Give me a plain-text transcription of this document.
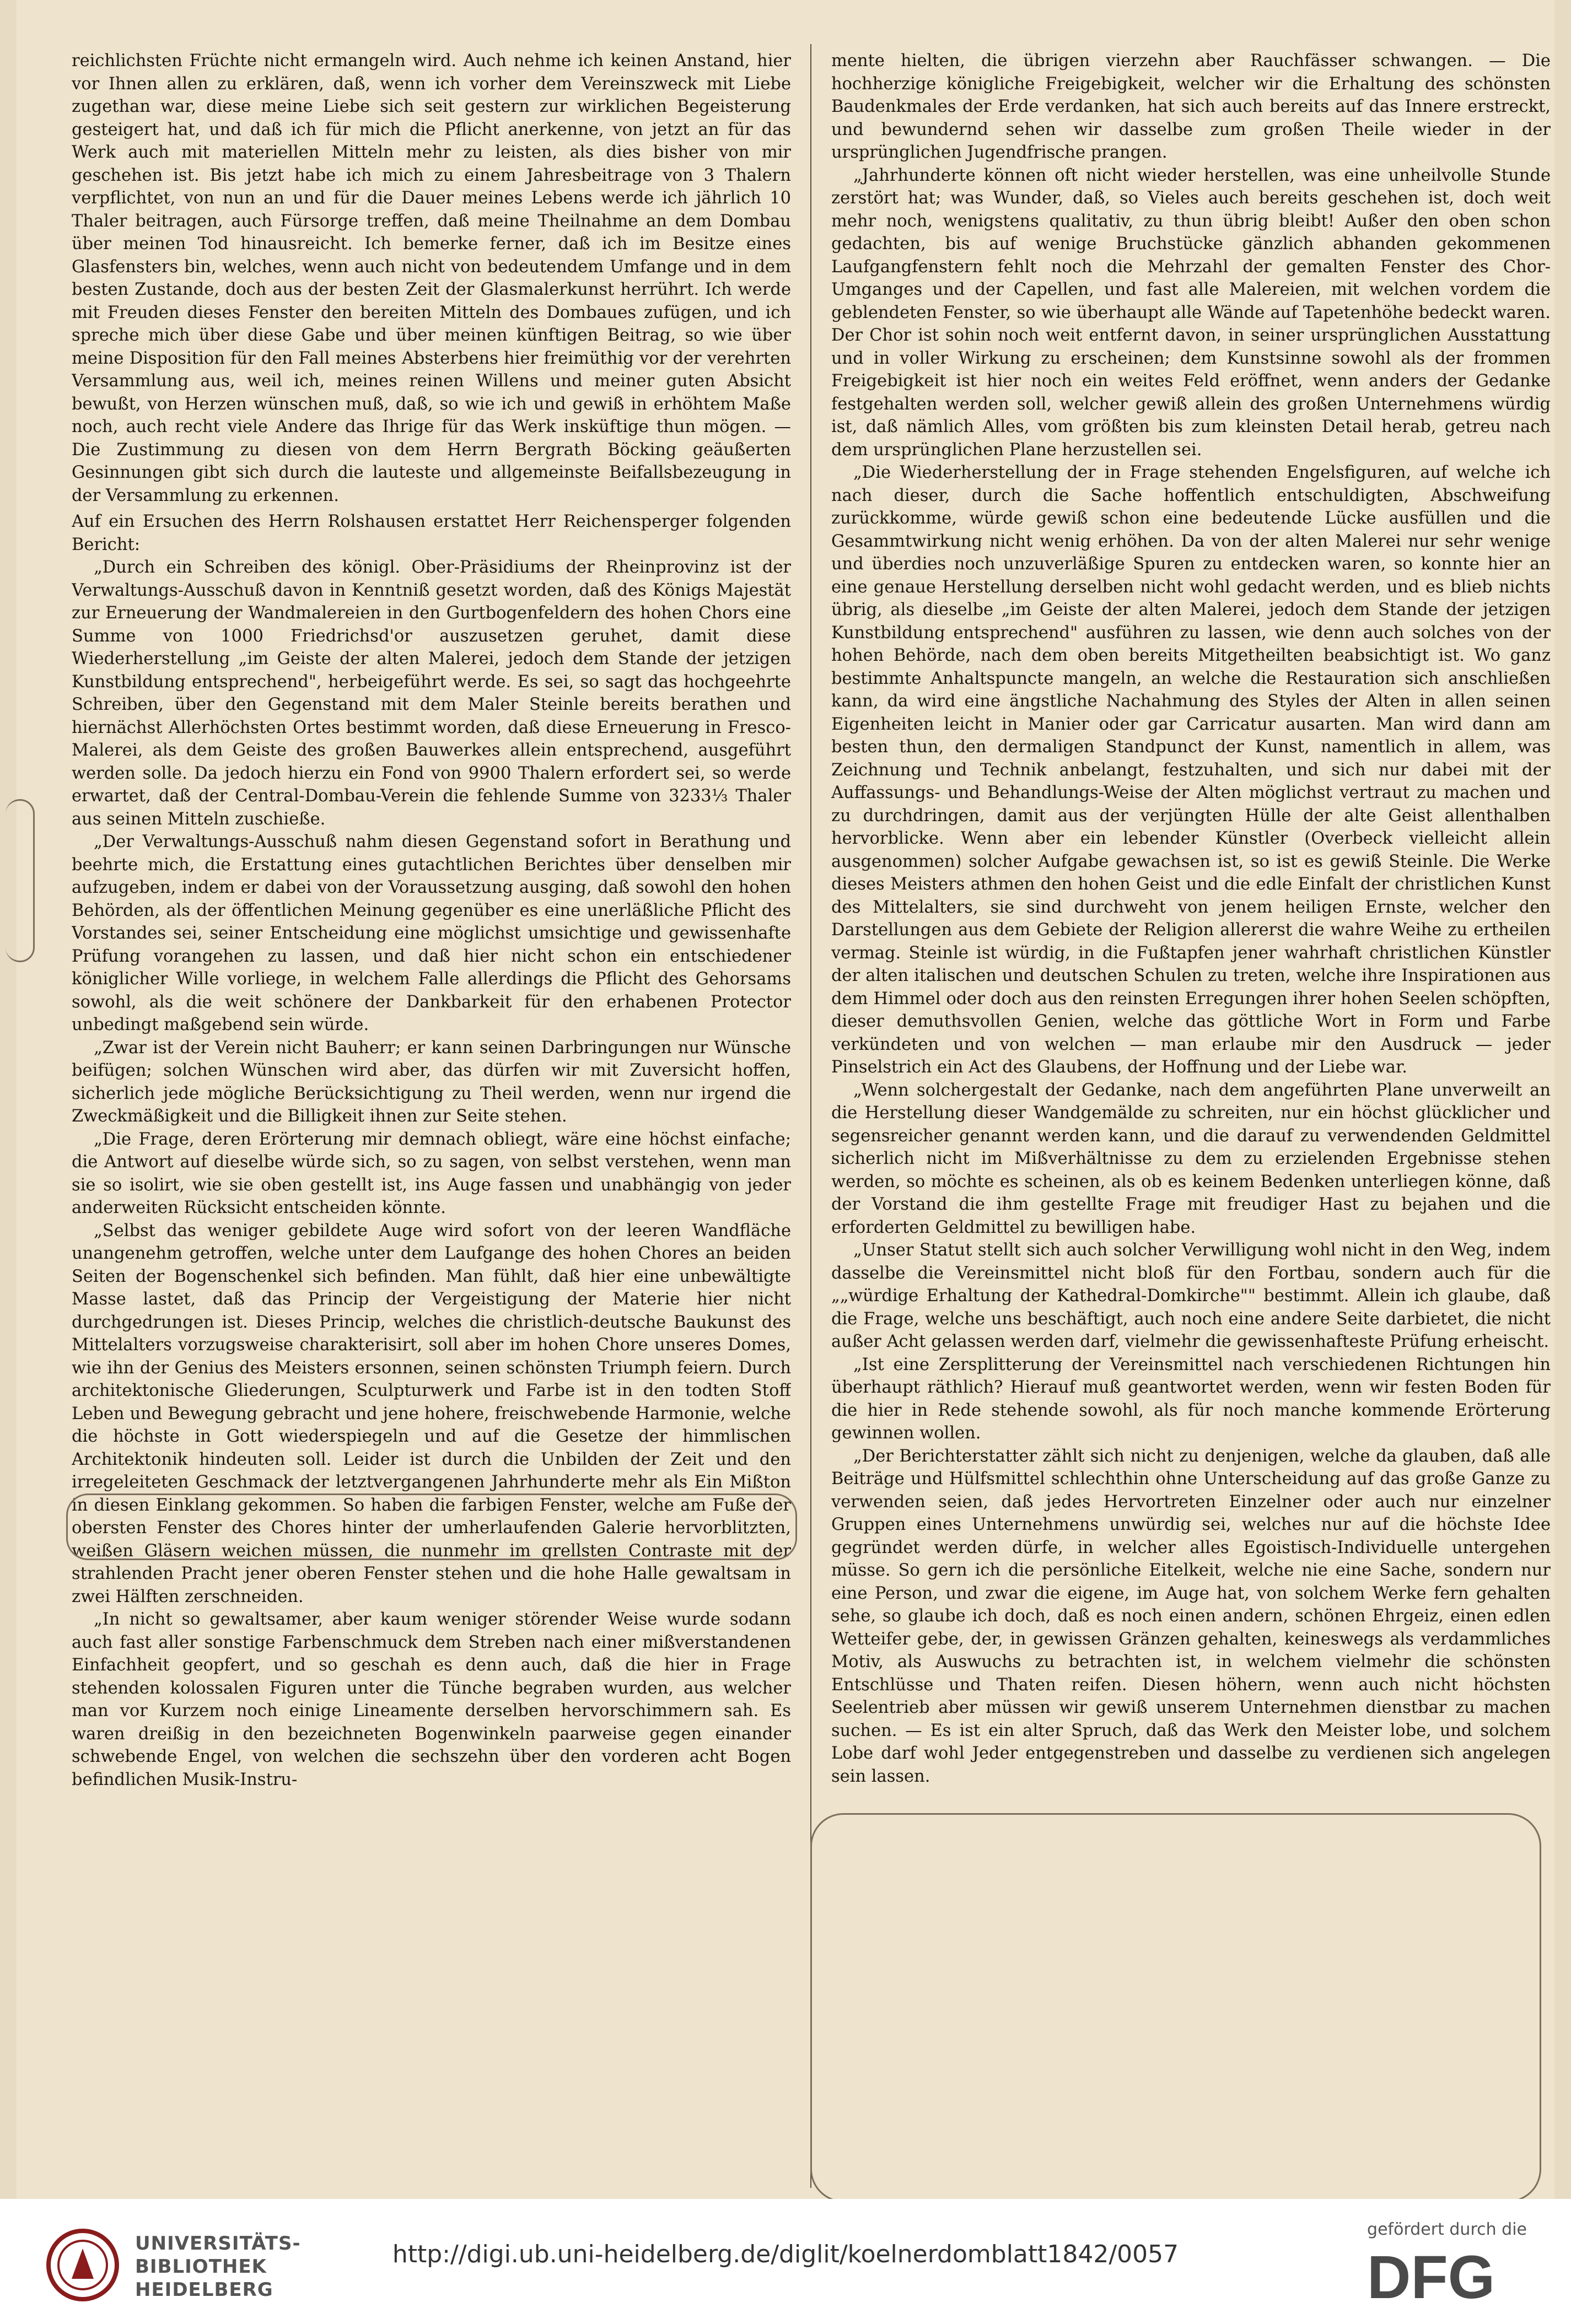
reichlichsten Früchte nicht ermangeln wird. Auch nehme ich keinen Anstand, hier vor Ihnen allen zu erklären, daß, wenn ich vorher dem Vereinszweck mit Liebe zugethan war, diese meine Liebe sich seit gestern zur wirklichen Begeisterung gesteigert hat, und daß ich für mich die Pflicht anerkenne, von jetzt an für das Werk auch mit materiellen Mitteln mehr zu leisten, als dies bisher von mir geschehen ist. Bis jetzt habe ich mich zu einem Jahresbeitrage von 3 Thalern verpflichtet, von nun an und für die Dauer meines Lebens werde ich jährlich 10 Thaler beitragen, auch Fürsorge treffen, daß meine Theilnahme an dem Dombau über meinen Tod hinausreicht. Ich bemerke ferner, daß ich im Besitze eines Glasfensters bin, welches, wenn auch nicht von bedeutendem Umfange und in dem besten Zustande, doch aus der besten Zeit der Glasmalerkunst herrührt. Ich werde mit Freuden dieses Fenster den bereiten Mitteln des Dombaues zufügen, und ich spreche mich über diese Gabe und über meinen künftigen Beitrag, so wie über meine Disposition für den Fall meines Absterbens hier freimüthig vor der verehrten Versammlung aus, weil ich, meines reinen Willens und meiner guten Absicht bewußt, von Herzen wünschen muß, daß, so wie ich und gewiß in erhöhtem Maße noch, auch recht viele Andere das Ihrige für das Werk insküftige thun mögen. — Die Zustimmung zu diesen von dem Herrn Bergrath Böcking geäußerten Gesinnungen gibt sich durch die lauteste und allgemeinste Beifallsbezeugung in der Versammlung zu erkennen.

Auf ein Ersuchen des Herrn Rolshausen erstattet Herr Reichensperger folgenden Bericht:

„Durch ein Schreiben des königl. Ober-Präsidiums der Rheinprovinz ist der Verwaltungs-Ausschuß davon in Kenntniß gesetzt worden, daß des Königs Majestät zur Erneuerung der Wandmalereien in den Gurtbogenfeldern des hohen Chors eine Summe von 1000 Friedrichsd'or auszusetzen geruhet, damit diese Wiederherstellung „im Geiste der alten Malerei, jedoch dem Stande der jetzigen Kunstbildung entsprechend", herbeigeführt werde. Es sei, so sagt das hochgeehrte Schreiben, über den Gegenstand mit dem Maler Steinle bereits berathen und hiernächst Allerhöchsten Ortes bestimmt worden, daß diese Erneuerung in Fresco-Malerei, als dem Geiste des großen Bauwerkes allein entsprechend, ausgeführt werden solle. Da jedoch hierzu ein Fond von 9900 Thalern erfordert sei, so werde erwartet, daß der Central-Dombau-Verein die fehlende Summe von 3233⅓ Thaler aus seinen Mitteln zuschieße.

„Der Verwaltungs-Ausschuß nahm diesen Gegenstand sofort in Berathung und beehrte mich, die Erstattung eines gutachtlichen Berichtes über denselben mir aufzugeben, indem er dabei von der Voraussetzung ausging, daß sowohl den hohen Behörden, als der öffentlichen Meinung gegenüber es eine unerläßliche Pflicht des Vorstandes sei, seiner Entscheidung eine möglichst umsichtige und gewissenhafte Prüfung vorangehen zu lassen, und daß hier nicht schon ein entschiedener königlicher Wille vorliege, in welchem Falle allerdings die Pflicht des Gehorsams sowohl, als die weit schönere der Dankbarkeit für den erhabenen Protector unbedingt maßgebend sein würde.

„Zwar ist der Verein nicht Bauherr; er kann seinen Darbringungen nur Wünsche beifügen; solchen Wünschen wird aber, das dürfen wir mit Zuversicht hoffen, sicherlich jede mögliche Berücksichtigung zu Theil werden, wenn nur irgend die Zweckmäßigkeit und die Billigkeit ihnen zur Seite stehen.

„Die Frage, deren Erörterung mir demnach obliegt, wäre eine höchst einfache; die Antwort auf dieselbe würde sich, so zu sagen, von selbst verstehen, wenn man sie so isolirt, wie sie oben gestellt ist, ins Auge fassen und unabhängig von jeder anderweiten Rücksicht entscheiden könnte.

„Selbst das weniger gebildete Auge wird sofort von der leeren Wandfläche unangenehm getroffen, welche unter dem Laufgange des hohen Chores an beiden Seiten der Bogenschenkel sich befinden. Man fühlt, daß hier eine unbewältigte Masse lastet, daß das Princip der Vergeistigung der Materie hier nicht durchgedrungen ist. Dieses Princip, welches die christlich-deutsche Baukunst des Mittelalters vorzugsweise charakterisirt, soll aber im hohen Chore unseres Domes, wie ihn der Genius des Meisters ersonnen, seinen schönsten Triumph feiern. Durch architektonische Gliederungen, Sculpturwerk und Farbe ist in den todten Stoff Leben und Bewegung gebracht und jene hohere, freischwebende Harmonie, welche die höchste in Gott wiederspiegeln und auf die Gesetze der himmlischen Architektonik hindeuten soll. Leider ist durch die Unbilden der Zeit und den irregeleiteten Geschmack der letztvergangenen Jahrhunderte mehr als Ein Mißton in diesen Einklang gekommen. So haben die farbigen Fenster, welche am Fuße der obersten Fenster des Chores hinter der umherlaufenden Galerie hervorblitzten, weißen Gläsern weichen müssen, die nunmehr im grellsten Contraste mit der strahlenden Pracht jener oberen Fenster stehen und die hohe Halle gewaltsam in zwei Hälften zerschneiden.

„In nicht so gewaltsamer, aber kaum weniger störender Weise wurde sodann auch fast aller sonstige Farbenschmuck dem Streben nach einer mißverstandenen Einfachheit geopfert, und so geschah es denn auch, daß die hier in Frage stehenden kolossalen Figuren unter die Tünche begraben wurden, aus welcher man vor Kurzem noch einige Lineamente derselben hervorschimmern sah. Es waren dreißig in den bezeichneten Bogenwinkeln paarweise gegen einander schwebende Engel, von welchen die sechszehn über den vorderen acht Bogen befindlichen Musik-Instru-

mente hielten, die übrigen vierzehn aber Rauchfässer schwangen. — Die hochherzige königliche Freigebigkeit, welcher wir die Erhaltung des schönsten Baudenkmales der Erde verdanken, hat sich auch bereits auf das Innere erstreckt, und bewundernd sehen wir dasselbe zum großen Theile wieder in der ursprünglichen Jugendfrische prangen.

„Jahrhunderte können oft nicht wieder herstellen, was eine unheilvolle Stunde zerstört hat; was Wunder, daß, so Vieles auch bereits geschehen ist, doch weit mehr noch, wenigstens qualitativ, zu thun übrig bleibt! Außer den oben schon gedachten, bis auf wenige Bruchstücke gänzlich abhanden gekommenen Laufgangfenstern fehlt noch die Mehrzahl der gemalten Fenster des Chor-Umganges und der Capellen, und fast alle Malereien, mit welchen vordem die geblendeten Fenster, so wie überhaupt alle Wände auf Tapetenhöhe bedeckt waren. Der Chor ist sohin noch weit entfernt davon, in seiner ursprünglichen Ausstattung und in voller Wirkung zu erscheinen; dem Kunstsinne sowohl als der frommen Freigebigkeit ist hier noch ein weites Feld eröffnet, wenn anders der Gedanke festgehalten werden soll, welcher gewiß allein des großen Unternehmens würdig ist, daß nämlich Alles, vom größten bis zum kleinsten Detail herab, getreu nach dem ursprünglichen Plane herzustellen sei.

„Die Wiederherstellung der in Frage stehenden Engelsfiguren, auf welche ich nach dieser, durch die Sache hoffentlich entschuldigten, Abschweifung zurückkomme, würde gewiß schon eine bedeutende Lücke ausfüllen und die Gesammtwirkung nicht wenig erhöhen. Da von der alten Malerei nur sehr wenige und überdies noch unzuverläßige Spuren zu entdecken waren, so konnte hier an eine genaue Herstellung derselben nicht wohl gedacht werden, und es blieb nichts übrig, als dieselbe „im Geiste der alten Malerei, jedoch dem Stande der jetzigen Kunstbildung entsprechend" ausführen zu lassen, wie denn auch solches von der hohen Behörde, nach dem oben bereits Mitgetheilten beabsichtigt ist. Wo ganz bestimmte Anhaltspuncte mangeln, an welche die Restauration sich anschließen kann, da wird eine ängstliche Nachahmung des Styles der Alten in allen seinen Eigenheiten leicht in Manier oder gar Carricatur ausarten. Man wird dann am besten thun, den dermaligen Standpunct der Kunst, namentlich in allem, was Zeichnung und Technik anbelangt, festzuhalten, und sich nur dabei mit der Auffassungs- und Behandlungs-Weise der Alten möglichst vertraut zu machen und zu durchdringen, damit aus der verjüngten Hülle der alte Geist allenthalben hervorblicke. Wenn aber ein lebender Künstler (Overbeck vielleicht allein ausgenommen) solcher Aufgabe gewachsen ist, so ist es gewiß Steinle. Die Werke dieses Meisters athmen den hohen Geist und die edle Einfalt der christlichen Kunst des Mittelalters, sie sind durchweht von jenem heiligen Ernste, welcher den Darstellungen aus dem Gebiete der Religion allererst die wahre Weihe zu ertheilen vermag. Steinle ist würdig, in die Fußtapfen jener wahrhaft christlichen Künstler der alten italischen und deutschen Schulen zu treten, welche ihre Inspirationen aus dem Himmel oder doch aus den reinsten Erregungen ihrer hohen Seelen schöpften, dieser demuthsvollen Genien, welche das göttliche Wort in Form und Farbe verkündeten und von welchen — man erlaube mir den Ausdruck — jeder Pinselstrich ein Act des Glaubens, der Hoffnung und der Liebe war.

„Wenn solchergestalt der Gedanke, nach dem angeführten Plane unverweilt an die Herstellung dieser Wandgemälde zu schreiten, nur ein höchst glücklicher und segensreicher genannt werden kann, und die darauf zu verwendenden Geldmittel sicherlich nicht im Mißverhältnisse zu dem zu erzielenden Ergebnisse stehen werden, so möchte es scheinen, als ob es keinem Bedenken unterliegen könne, daß der Vorstand die ihm gestellte Frage mit freudiger Hast zu bejahen und die erforderten Geldmittel zu bewilligen habe.

„Unser Statut stellt sich auch solcher Verwilligung wohl nicht in den Weg, indem dasselbe die Vereinsmittel nicht bloß für den Fortbau, sondern auch für die „„würdige Erhaltung der Kathedral-Domkirche"" bestimmt. Allein ich glaube, daß die Frage, welche uns beschäftigt, auch noch eine andere Seite darbietet, die nicht außer Acht gelassen werden darf, vielmehr die gewissenhafteste Prüfung erheischt.

„Ist eine Zersplitterung der Vereinsmittel nach verschiedenen Richtungen hin überhaupt räthlich? Hierauf muß geantwortet werden, wenn wir festen Boden für die hier in Rede stehende sowohl, als für noch manche kommende Erörterung gewinnen wollen.

„Der Berichterstatter zählt sich nicht zu denjenigen, welche da glauben, daß alle Beiträge und Hülfsmittel schlechthin ohne Unterscheidung auf das große Ganze zu verwenden seien, daß jedes Hervortreten Einzelner oder auch nur einzelner Gruppen eines Unternehmens unwürdig sei, welches nur auf die höchste Idee gegründet werden dürfe, in welcher alles Egoistisch-Individuelle untergehen müsse. So gern ich die persönliche Eitelkeit, welche nie eine Sache, sondern nur eine Person, und zwar die eigene, im Auge hat, von solchem Werke fern gehalten sehe, so glaube ich doch, daß es noch einen andern, schönen Ehrgeiz, einen edlen Wetteifer gebe, der, in gewissen Gränzen gehalten, keineswegs als verdammliches Motiv, als Auswuchs zu betrachten ist, in welchem vielmehr die schönsten Entschlüsse und Thaten reifen. Diesen höhern, wenn auch nicht höchsten Seelentrieb aber müssen wir gewiß unserem Unternehmen dienstbar zu machen suchen. — Es ist ein alter Spruch, daß das Werk den Meister lobe, und solchem Lobe darf wohl Jeder entgegenstreben und dasselbe zu verdienen sich angelegen sein lassen.

UNIVERSITÄTS-
BIBLIOTHEK
HEIDELBERG
http://digi.ub.uni-heidelberg.de/diglit/koelnerdomblatt1842/0057
gefördert durch die
DFG
